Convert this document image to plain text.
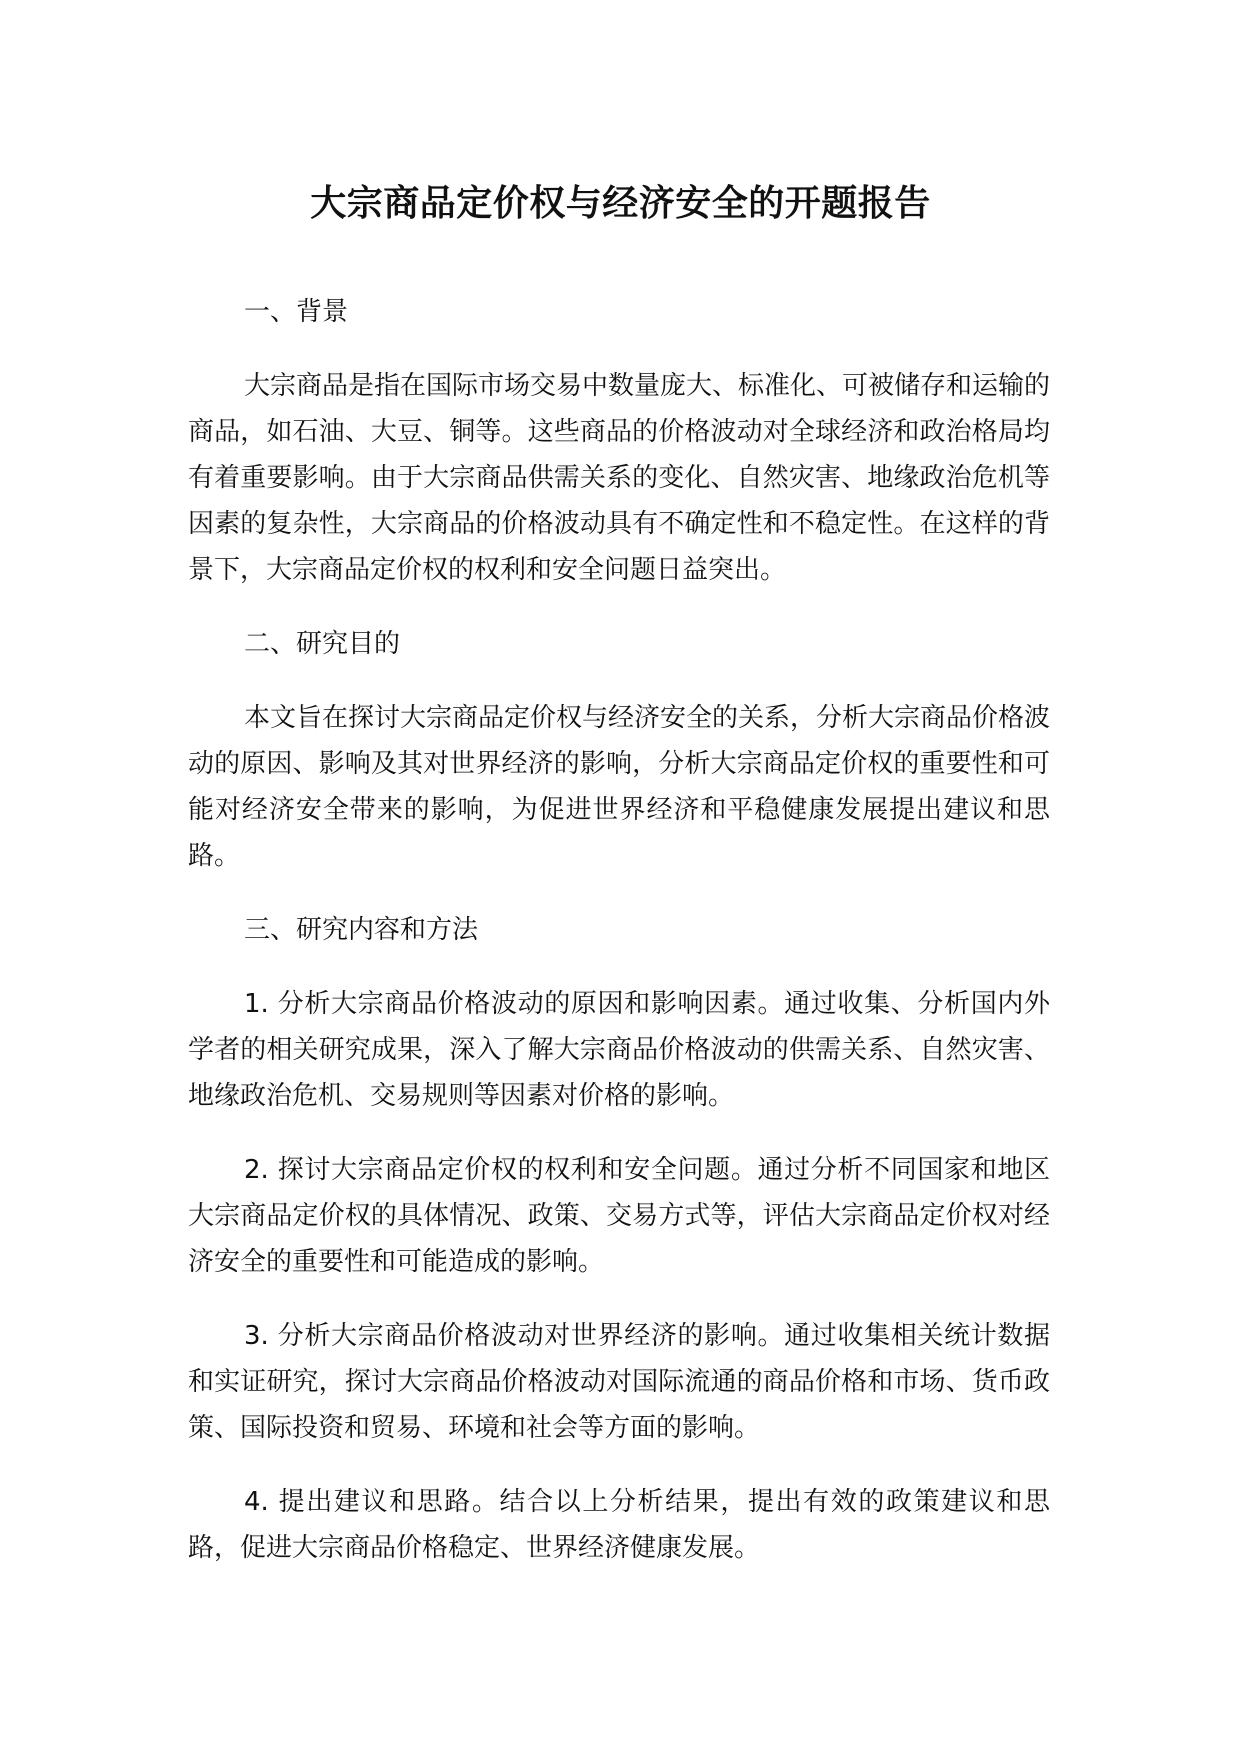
大宗商品定价权与经济安全的开题报告

一、背景

大宗商品是指在国际市场交易中数量庞大、标准化、可被储存和运输的商品，如石油、大豆、铜等。这些商品的价格波动对全球经济和政治格局均有着重要影响。由于大宗商品供需关系的变化、自然灾害、地缘政治危机等因素的复杂性，大宗商品的价格波动具有不确定性和不稳定性。在这样的背景下，大宗商品定价权的权利和安全问题日益突出。

二、研究目的

本文旨在探讨大宗商品定价权与经济安全的关系，分析大宗商品价格波动的原因、影响及其对世界经济的影响，分析大宗商品定价权的重要性和可能对经济安全带来的影响，为促进世界经济和平稳健康发展提出建议和思路。

三、研究内容和方法

1. 分析大宗商品价格波动的原因和影响因素。通过收集、分析国内外学者的相关研究成果，深入了解大宗商品价格波动的供需关系、自然灾害、地缘政治危机、交易规则等因素对价格的影响。

2. 探讨大宗商品定价权的权利和安全问题。通过分析不同国家和地区大宗商品定价权的具体情况、政策、交易方式等，评估大宗商品定价权对经济安全的重要性和可能造成的影响。

3. 分析大宗商品价格波动对世界经济的影响。通过收集相关统计数据和实证研究，探讨大宗商品价格波动对国际流通的商品价格和市场、货币政策、国际投资和贸易、环境和社会等方面的影响。

4. 提出建议和思路。结合以上分析结果，提出有效的政策建议和思路，促进大宗商品价格稳定、世界经济健康发展。
